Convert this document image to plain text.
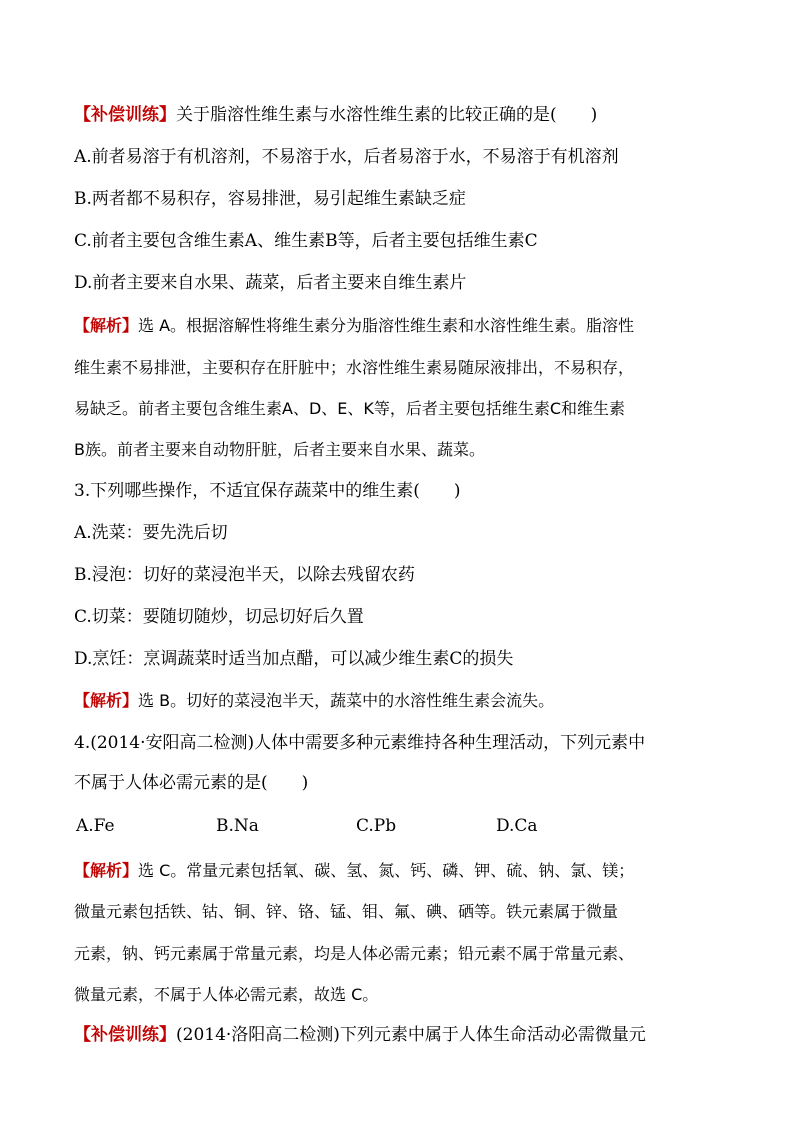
【补偿训练】关于脂溶性维生素与水溶性维生素的比较正确的是(　　)
A.前者易溶于有机溶剂，不易溶于水，后者易溶于水，不易溶于有机溶剂
B.两者都不易积存，容易排泄，易引起维生素缺乏症
C.前者主要包含维生素A、维生素B等，后者主要包括维生素C
D.前者主要来自水果、蔬菜，后者主要来自维生素片
【解析】选 A。根据溶解性将维生素分为脂溶性维生素和水溶性维生素。脂溶性
维生素不易排泄，主要积存在肝脏中；水溶性维生素易随尿液排出，不易积存，
易缺乏。前者主要包含维生素A、D、E、K等，后者主要包括维生素C和维生素
B族。前者主要来自动物肝脏，后者主要来自水果、蔬菜。
3.下列哪些操作，不适宜保存蔬菜中的维生素(　　)
A.洗菜：要先洗后切
B.浸泡：切好的菜浸泡半天，以除去残留农药
C.切菜：要随切随炒，切忌切好后久置
D.烹饪：烹调蔬菜时适当加点醋，可以减少维生素C的损失
【解析】选 B。切好的菜浸泡半天，蔬菜中的水溶性维生素会流失。
4.(2014·安阳高二检测)人体中需要多种元素维持各种生理活动，下列元素中
不属于人体必需元素的是(　　)
A.Fe	B.Na	C.Pb	D.Ca
【解析】选 C。常量元素包括氧、碳、氢、氮、钙、磷、钾、硫、钠、氯、镁；
微量元素包括铁、钴、铜、锌、铬、锰、钼、氟、碘、硒等。铁元素属于微量
元素，钠、钙元素属于常量元素，均是人体必需元素；铅元素不属于常量元素、
微量元素，不属于人体必需元素，故选 C。
【补偿训练】(2014·洛阳高二检测)下列元素中属于人体生命活动必需微量元
